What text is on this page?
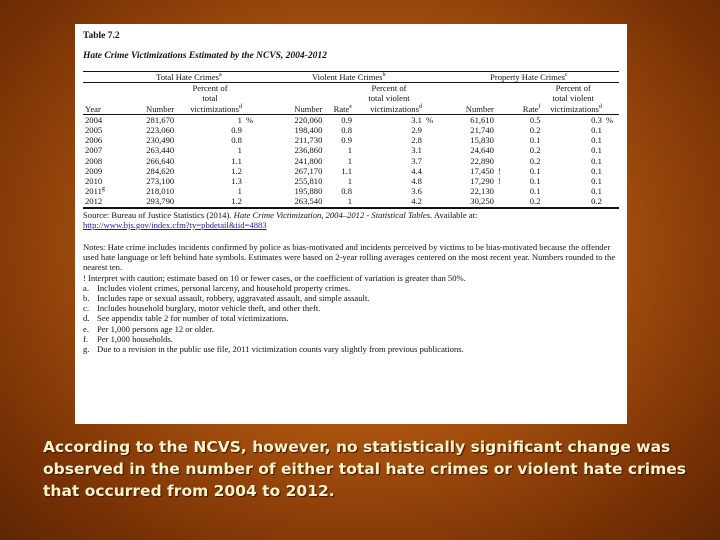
Table 7.2
Hate Crime Victimizations Estimated by the NCVS, 2004-2012

	Total Hate Crimes$^a$			Violent Hate Crimes$^b$				Property Hate Crimes$^c$
		Percent of				Percent of					Percent of	
		total				total violent					total violent	
Year	Number	victimizations$^d$		Number	Rate$^e$	victimizations$^d$		Number		Rate$^f$	victimizations$^d$	
2004	281,670	1	%	220,060	0.9	3.1	%	61,610		0.5	0.3	%
2005	223,060	0.9		198,400	0.8	2.9		21,740		0.2	0.1	
2006	230,490	0.8		211,730	0.9	2.8		15,830		0.1	0.1	
2007	263,440	1		236,860	1	3.1		24,640		0.2	0.1	
2008	266,640	1.1		241,800	1	3.7		22,890		0.2	0.1	
2009	284,620	1.2		267,170	1.1	4.4		17,450	!	0.1	0.1	
2010	273,100	1.3		255,810	1	4.8		17,290	!	0.1	0.1	
2011$^g$	218,010	1		195,880	0.8	3.6		22,130		0.1	0.1	
2012	293,790	1.2		263,540	1	4.2		30,250		0.2	0.2	

Source: Bureau of Justice Statistics (2014). Hate Crime Victimization, 2004–2012 - Statistical Tables. Available at:
http://www.bjs.gov/index.cfm?ty=pbdetail&iid=4883

Notes: Hate crime includes incidents confirmed by police as bias-motivated and incidents perceived by victims to be bias-motivated because the offender used hate language or left behind hate symbols. Estimates were based on 2-year rolling averages centered on the most recent year. Numbers rounded to the nearest ten.

! Interpret with caution; estimate based on 10 or fewer cases, or the coefficient of variation is greater than 50%.

a. Includes violent crimes, personal larceny, and household property crimes.
b. Includes rape or sexual assault, robbery, aggravated assault, and simple assault.
c. Includes household burglary, motor vehicle theft, and other theft.
d. See appendix table 2 for number of total victimizations.
e. Per 1,000 persons age 12 or older.
f.	Per 1,000 households.
g. Due to a revision in the public use file, 2011 victimization counts vary slightly from previous publications.
According to the NCVS, however, no statistically significant change was observed in the number of either total hate crimes or violent hate crimes that occurred from 2004 to 2012.
